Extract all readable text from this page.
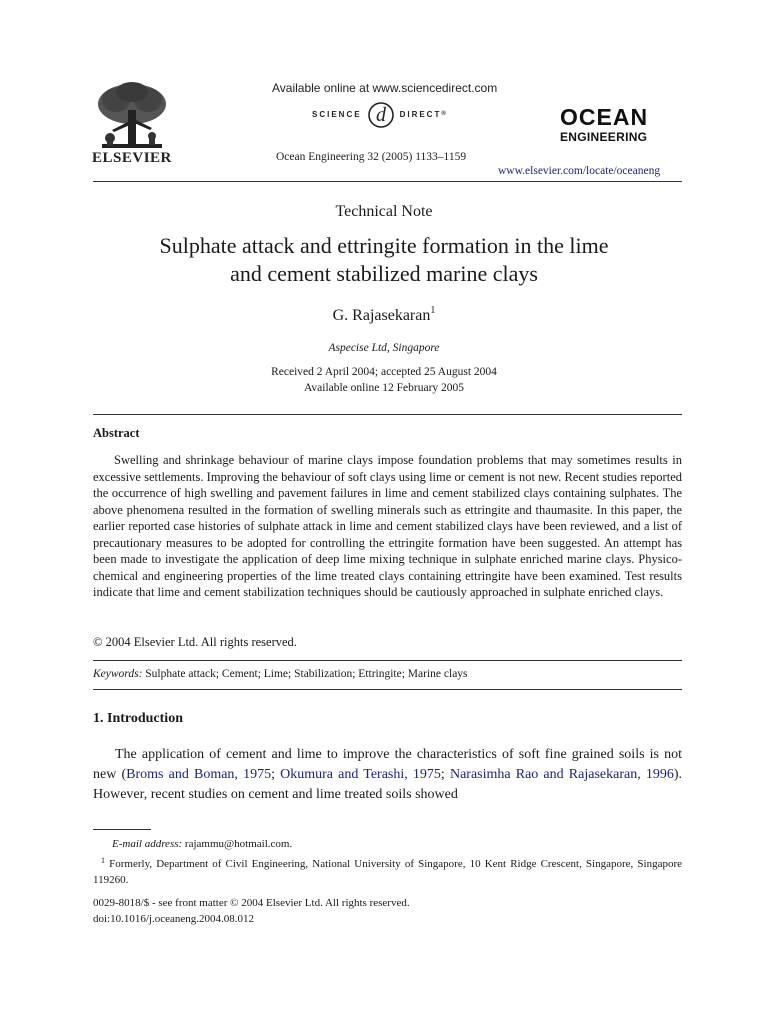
ELSEVIER
Available online at www.sciencedirect.com
SCIENCE d DIRECT ®
Ocean Engineering 32 (2005) 1133–1159
OCEAN
ENGINEERING
www.elsevier.com/locate/oceaneng
Technical Note
Sulphate attack and ettringite formation in the lime
and cement stabilized marine clays
G. Rajasekaran$^1$
Aspecise Ltd, Singapore
Received 2 April 2004; accepted 25 August 2004
Available online 12 February 2005
Abstract
Swelling and shrinkage behaviour of marine clays impose foundation problems that may sometimes results in excessive settlements. Improving the behaviour of soft clays using lime or cement is not new. Recent studies reported the occurrence of high swelling and pavement failures in lime and cement stabilized clays containing sulphates. The above phenomena resulted in the formation of swelling minerals such as ettringite and thaumasite. In this paper, the earlier reported case histories of sulphate attack in lime and cement stabilized clays have been reviewed, and a list of precautionary measures to be adopted for controlling the ettringite formation have been suggested. An attempt has been made to investigate the application of deep lime mixing technique in sulphate enriched marine clays. Physico-chemical and engineering properties of the lime treated clays containing ettringite have been examined. Test results indicate that lime and cement stabilization techniques should be cautiously approached in sulphate enriched clays.
© 2004 Elsevier Ltd. All rights reserved.
Keywords: Sulphate attack; Cement; Lime; Stabilization; Ettringite; Marine clays
1. Introduction
The application of cement and lime to improve the characteristics of soft fine grained soils is not new (Broms and Boman, 1975; Okumura and Terashi, 1975; Narasimha Rao and Rajasekaran, 1996). However, recent studies on cement and lime treated soils showed
E-mail address: rajammu@hotmail.com.
$^1$ Formerly, Department of Civil Engineering, National University of Singapore, 10 Kent Ridge Crescent, Singapore, Singapore 119260.
0029-8018/$ - see front matter © 2004 Elsevier Ltd. All rights reserved.
doi:10.1016/j.oceaneng.2004.08.012
